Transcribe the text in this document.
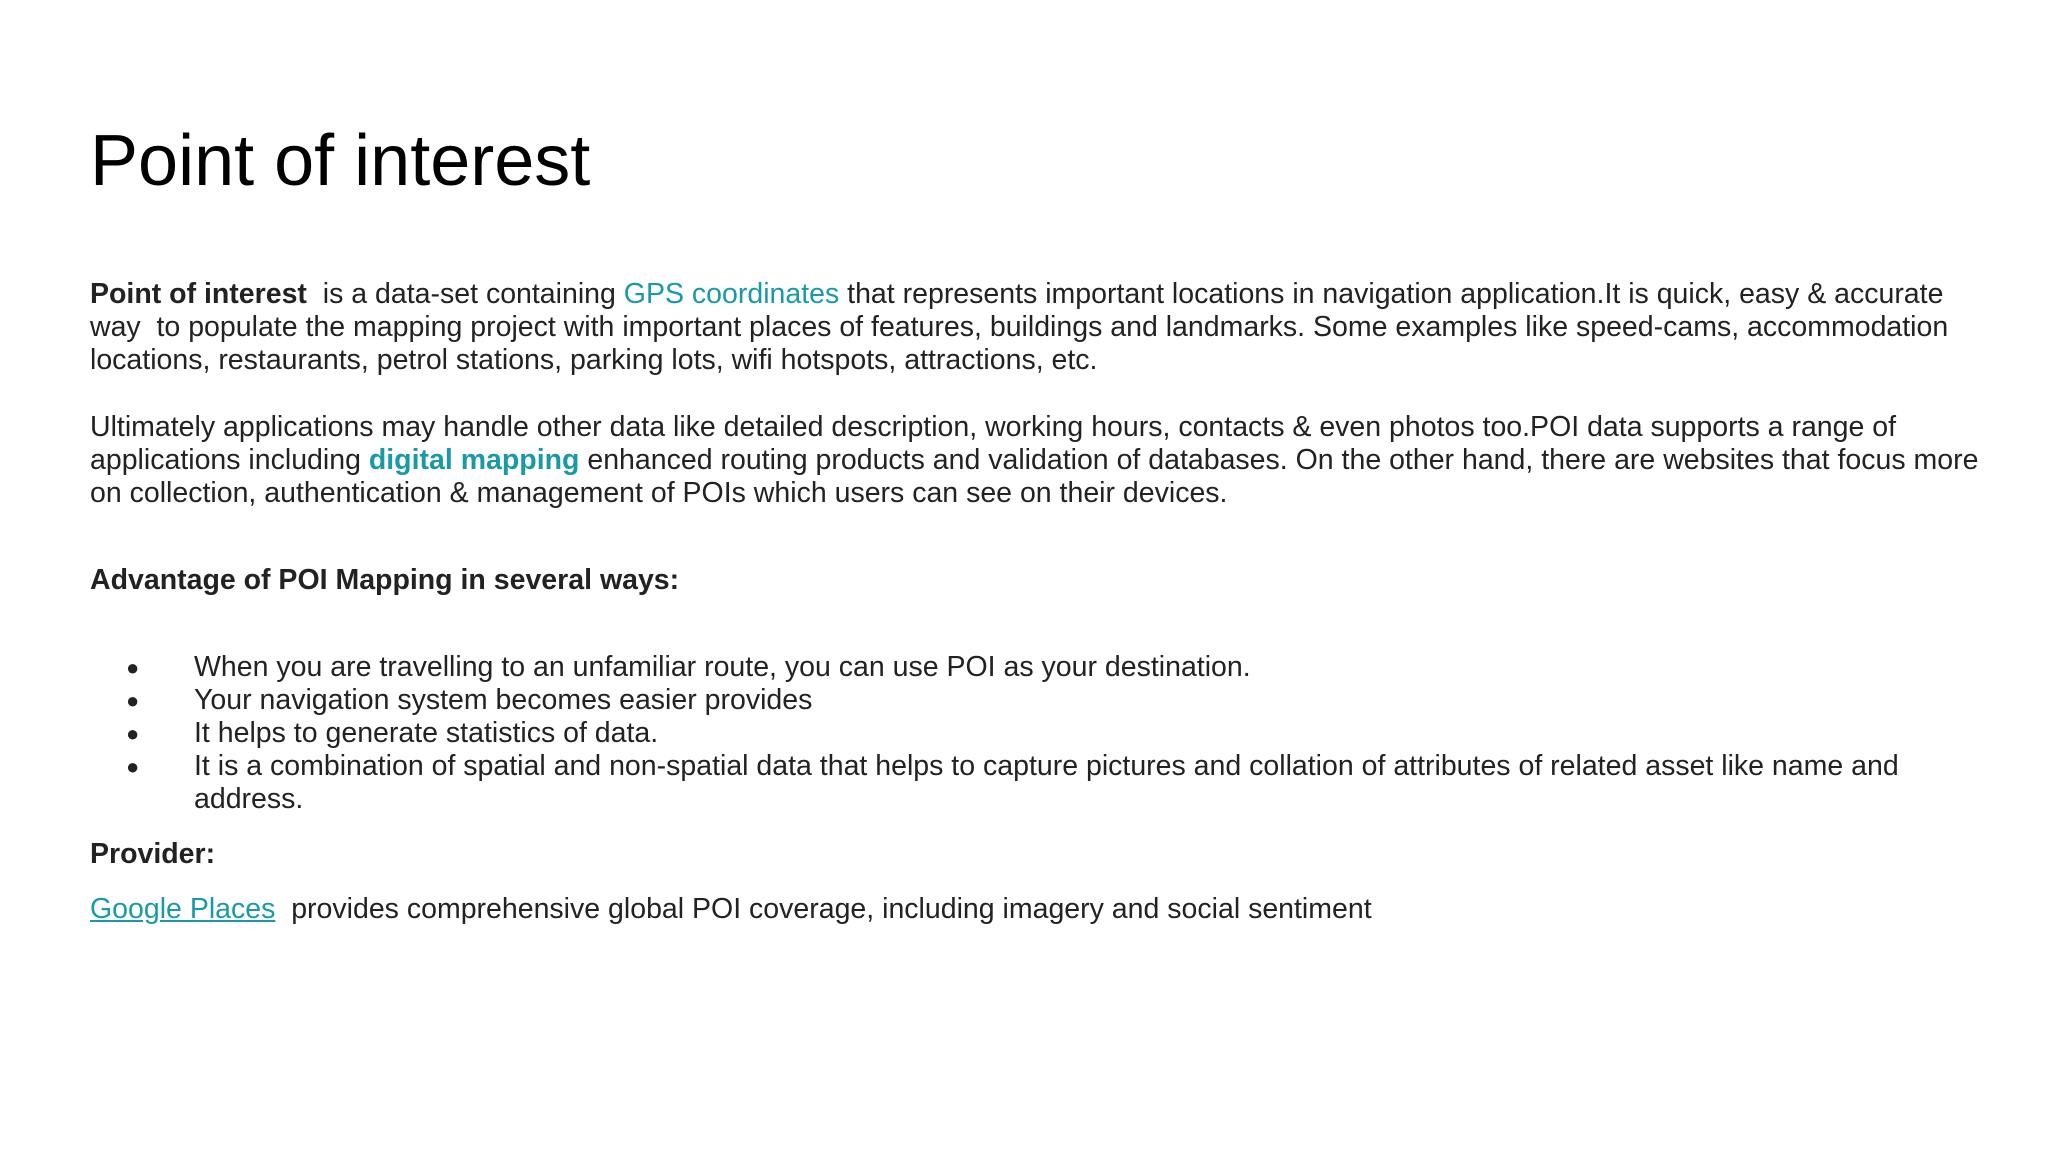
Point of interest

Point of interest  is a data-set containing GPS coordinates that represents important locations in navigation application.It is quick, easy & accurate way  to populate the mapping project with important places of features, buildings and landmarks. Some examples like speed-cams, accommodation locations, restaurants, petrol stations, parking lots, wifi hotspots, attractions, etc.

Ultimately applications may handle other data like detailed description, working hours, contacts & even photos too.POI data supports a range of applications including digital mapping enhanced routing products and validation of databases. On the other hand, there are websites that focus more on collection, authentication & management of POIs which users can see on their devices.

Advantage of POI Mapping in several ways:

● When you are travelling to an unfamiliar route, you can use POI as your destination.
● Your navigation system becomes easier provides
● It helps to generate statistics of data.
● It is a combination of spatial and non-spatial data that helps to capture pictures and collation of attributes of related asset like name and address.

Provider:

Google Places  provides comprehensive global POI coverage, including imagery and social sentiment
